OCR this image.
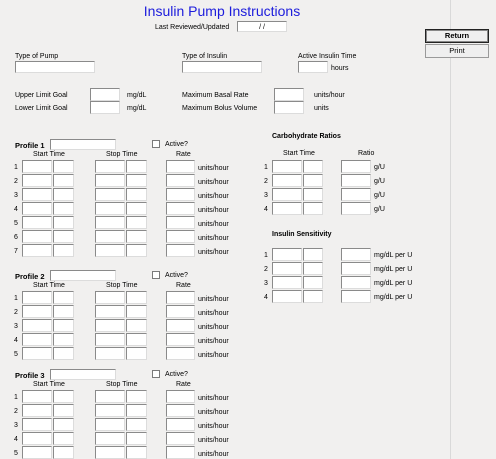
Insulin Pump Instructions
Last Reviewed/Updated	/ /
Return
Print
Type of Pump	Type of Insulin	Active Insulin Time
hours
Upper Limit Goal	mg/dL
Lower Limit Goal	mg/dL
Maximum Basal Rate	units/hour
Maximum Bolus Volume	units
Profile 1	Active?
Start Time	Stop Time	Rate
1	units/hour
2	units/hour
3	units/hour
4	units/hour
5	units/hour
6	units/hour
7	units/hour
Profile 2	Active?
Start Time	Stop Time	Rate
1	units/hour
2	units/hour
3	units/hour
4	units/hour
5	units/hour
Profile 3	Active?
Start Time	Stop Time	Rate
1	units/hour
2	units/hour
3	units/hour
4	units/hour
5	units/hour
Carbohydrate Ratios
Start Time	Ratio
1	g/U
2	g/U
3	g/U
4	g/U
Insulin Sensitivity
1	mg/dL per U
2	mg/dL per U
3	mg/dL per U
4	mg/dL per U
